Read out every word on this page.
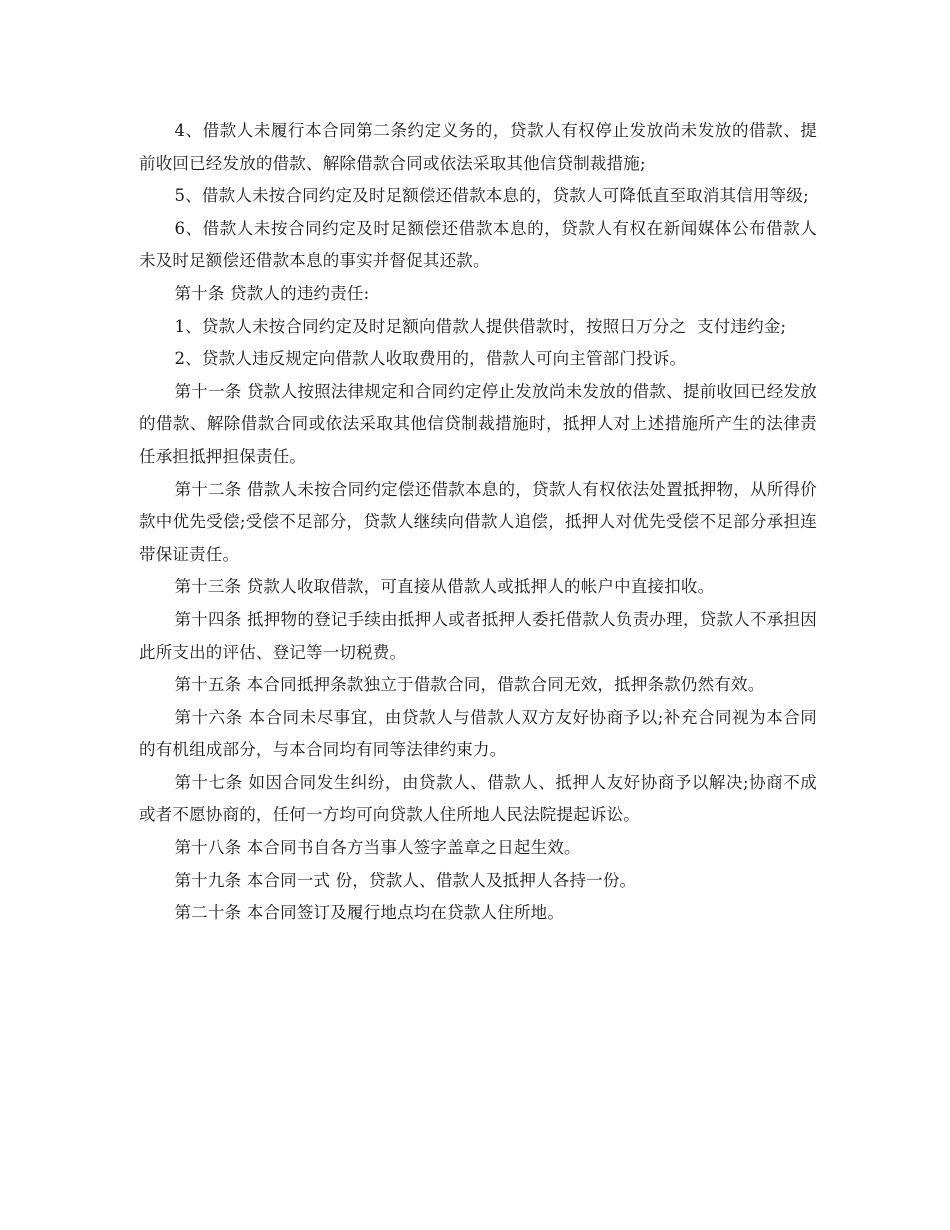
4、借款人未履行本合同第二条约定义务的，贷款人有权停止发放尚未发放的借款、提前收回已经发放的借款、解除借款合同或依法采取其他信贷制裁措施;

5、借款人未按合同约定及时足额偿还借款本息的，贷款人可降低直至取消其信用等级;

6、借款人未按合同约定及时足额偿还借款本息的，贷款人有权在新闻媒体公布借款人未及时足额偿还借款本息的事实并督促其还款。

第十条 贷款人的违约责任:

1、贷款人未按合同约定及时足额向借款人提供借款时，按照日万分之  支付违约金;

2、贷款人违反规定向借款人收取费用的，借款人可向主管部门投诉。

第十一条 贷款人按照法律规定和合同约定停止发放尚未发放的借款、提前收回已经发放的借款、解除借款合同或依法采取其他信贷制裁措施时，抵押人对上述措施所产生的法律责任承担抵押担保责任。

第十二条 借款人未按合同约定偿还借款本息的，贷款人有权依法处置抵押物，从所得价款中优先受偿;受偿不足部分，贷款人继续向借款人追偿，抵押人对优先受偿不足部分承担连带保证责任。

第十三条 贷款人收取借款，可直接从借款人或抵押人的帐户中直接扣收。

第十四条 抵押物的登记手续由抵押人或者抵押人委托借款人负责办理，贷款人不承担因此所支出的评估、登记等一切税费。

第十五条 本合同抵押条款独立于借款合同，借款合同无效，抵押条款仍然有效。

第十六条 本合同未尽事宜，由贷款人与借款人双方友好协商予以;补充合同视为本合同的有机组成部分，与本合同均有同等法律约束力。

第十七条 如因合同发生纠纷，由贷款人、借款人、抵押人友好协商予以解决;协商不成或者不愿协商的，任何一方均可向贷款人住所地人民法院提起诉讼。

第十八条 本合同书自各方当事人签字盖章之日起生效。

第十九条 本合同一式 份，贷款人、借款人及抵押人各持一份。

第二十条 本合同签订及履行地点均在贷款人住所地。
